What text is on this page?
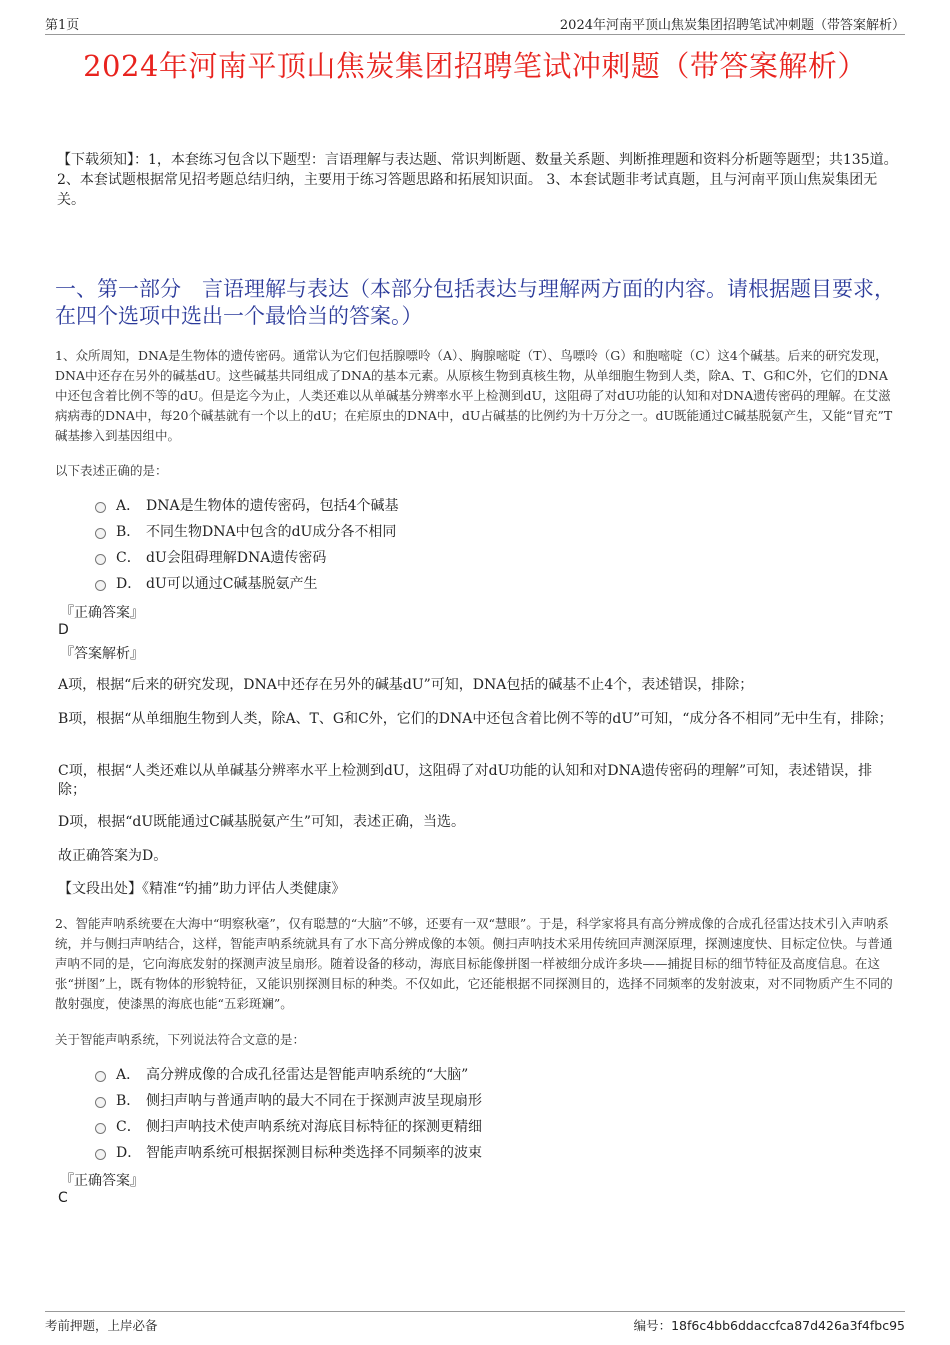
第1页	2024年河南平顶山焦炭集团招聘笔试冲刺题（带答案解析）
2024年河南平顶山焦炭集团招聘笔试冲刺题（带答案解析）
【下载须知】：1，本套练习包含以下题型：言语理解与表达题、常识判断题、数量关系题、判断推理题和资料分析题等题型；共135道。 2、本套试题根据常见招考题总结归纳，主要用于练习答题思路和拓展知识面。 3、本套试题非考试真题，且与河南平顶山焦炭集团无关。
一、第一部分　言语理解与表达（本部分包括表达与理解两方面的内容。请根据题目要求，在四个选项中选出一个最恰当的答案。）
1、众所周知，DNA是生物体的遗传密码。通常认为它们包括腺嘌呤（A）、胸腺嘧啶（T）、鸟嘌呤（G）和胞嘧啶（C）这4个碱基。后来的研究发现，DNA中还存在另外的碱基dU。这些碱基共同组成了DNA的基本元素。从原核生物到真核生物，从单细胞生物到人类，除A、T、G和C外，它们的DNA中还包含着比例不等的dU。但是迄今为止，人类还难以从单碱基分辨率水平上检测到dU，这阻碍了对dU功能的认知和对DNA遗传密码的理解。在艾滋病病毒的DNA中，每20个碱基就有一个以上的dU；在疟原虫的DNA中，dU占碱基的比例约为十万分之一。dU既能通过C碱基脱氨产生，又能“冒充”T碱基掺入到基因组中。
以下表述正确的是：
A． DNA是生物体的遗传密码，包括4个碱基
B． 不同生物DNA中包含的dU成分各不相同
C． dU会阻碍理解DNA遗传密码
D． dU可以通过C碱基脱氨产生
『正确答案』
D
『答案解析』
A项，根据“后来的研究发现，DNA中还存在另外的碱基dU”可知，DNA包括的碱基不止4个，表述错误，排除；
B项，根据“从单细胞生物到人类，除A、T、G和C外，它们的DNA中还包含着比例不等的dU”可知，“成分各不相同”无中生有，排除；
C项，根据“人类还难以从单碱基分辨率水平上检测到dU，这阻碍了对dU功能的认知和对DNA遗传密码的理解”可知，表述错误，排除；
D项，根据“dU既能通过C碱基脱氨产生”可知，表述正确，当选。
故正确答案为D。
【文段出处】《精准“钓捕”助力评估人类健康》
2、智能声呐系统要在大海中“明察秋毫”，仅有聪慧的“大脑”不够，还要有一双“慧眼”。于是，科学家将具有高分辨成像的合成孔径雷达技术引入声呐系统，并与侧扫声呐结合，这样，智能声呐系统就具有了水下高分辨成像的本领。侧扫声呐技术采用传统回声测深原理，探测速度快、目标定位快。与普通声呐不同的是，它向海底发射的探测声波呈扇形。随着设备的移动，海底目标能像拼图一样被细分成许多块——捕捉目标的细节特征及高度信息。在这张“拼图”上，既有物体的形貌特征，又能识别探测目标的种类。不仅如此，它还能根据不同探测目的，选择不同频率的发射波束，对不同物质产生不同的散射强度，使漆黑的海底也能“五彩斑斓”。
关于智能声呐系统，下列说法符合文意的是：
A． 高分辨成像的合成孔径雷达是智能声呐系统的“大脑”
B． 侧扫声呐与普通声呐的最大不同在于探测声波呈现扇形
C． 侧扫声呐技术使声呐系统对海底目标特征的探测更精细
D． 智能声呐系统可根据探测目标种类选择不同频率的波束
『正确答案』
C
考前押题，上岸必备	编号：18f6c4bb6ddaccfca87d426a3f4fbc95
